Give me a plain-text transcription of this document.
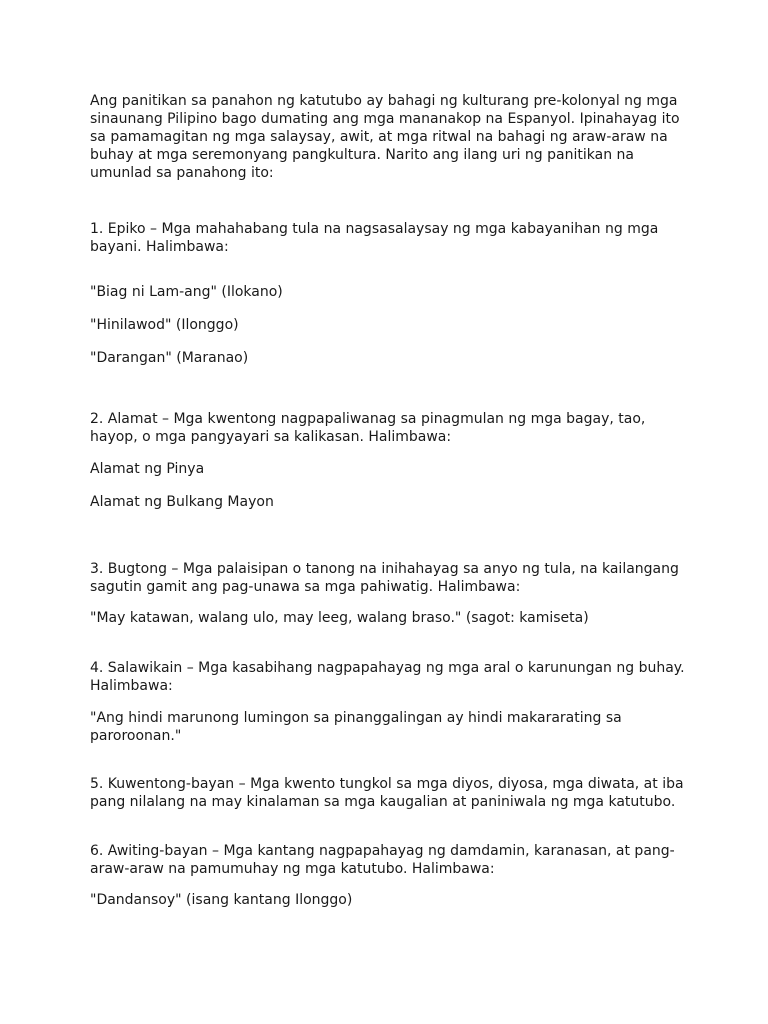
Ang panitikan sa panahon ng katutubo ay bahagi ng kulturang pre-kolonyal ng mga sinaunang Pilipino bago dumating ang mga mananakop na Espanyol. Ipinahayag ito sa pamamagitan ng mga salaysay, awit, at mga ritwal na bahagi ng araw-araw na buhay at mga seremonyang pangkultura. Narito ang ilang uri ng panitikan na umunlad sa panahong ito:

1. Epiko – Mga mahahabang tula na nagsasalaysay ng mga kabayanihan ng mga bayani. Halimbawa:

"Biag ni Lam-ang" (Ilokano)

"Hinilawod" (Ilonggo)

"Darangan" (Maranao)

2. Alamat – Mga kwentong nagpapaliwanag sa pinagmulan ng mga bagay, tao, hayop, o mga pangyayari sa kalikasan. Halimbawa:

Alamat ng Pinya

Alamat ng Bulkang Mayon

3. Bugtong – Mga palaisipan o tanong na inihahayag sa anyo ng tula, na kailangang sagutin gamit ang pag-unawa sa mga pahiwatig. Halimbawa:

"May katawan, walang ulo, may leeg, walang braso." (sagot: kamiseta)

4. Salawikain – Mga kasabihang nagpapahayag ng mga aral o karunungan ng buhay. Halimbawa:

"Ang hindi marunong lumingon sa pinanggalingan ay hindi makararating sa paroroonan."

5. Kuwentong-bayan – Mga kwento tungkol sa mga diyos, diyosa, mga diwata, at iba pang nilalang na may kinalaman sa mga kaugalian at paniniwala ng mga katutubo.

6. Awiting-bayan – Mga kantang nagpapahayag ng damdamin, karanasan, at pang-araw-araw na pamumuhay ng mga katutubo. Halimbawa:

"Dandansoy" (isang kantang Ilonggo)
